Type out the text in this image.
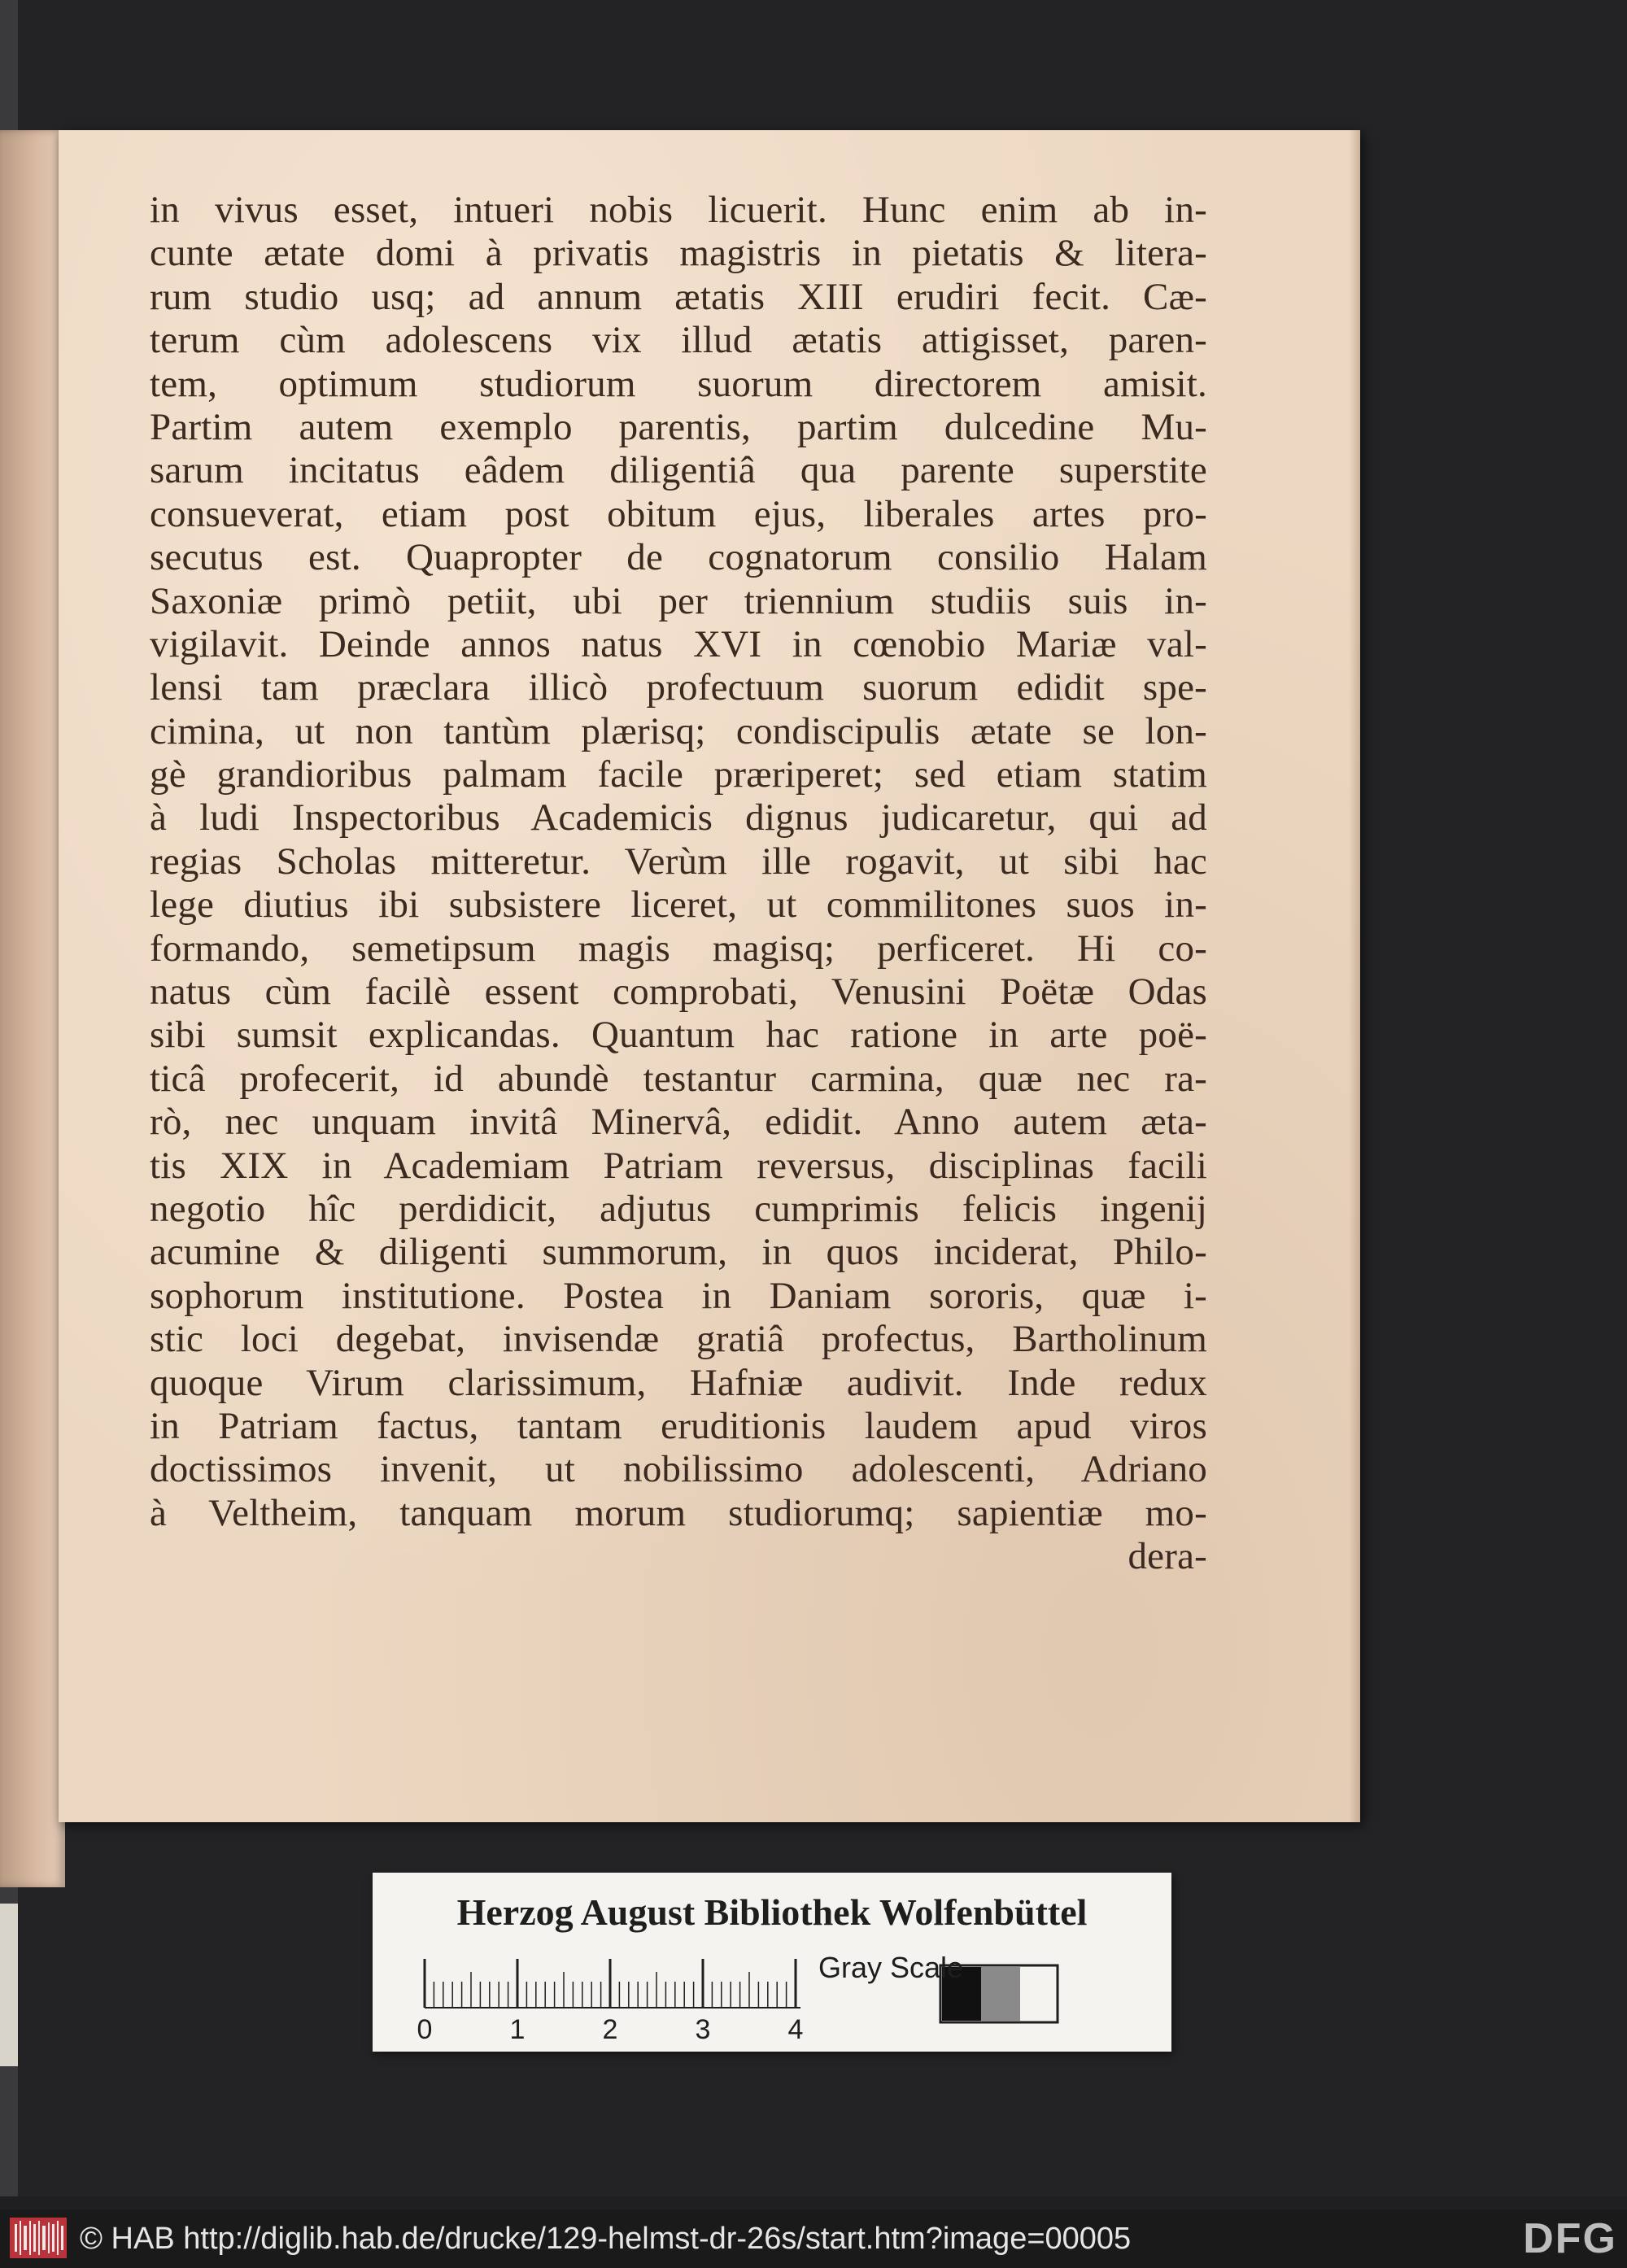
in vivus esset, intueri nobis licuerit. Hunc enim ab in-
cunte ætate domi à privatis magistris in pietatis & litera-
rum studio usq; ad annum ætatis XIII erudiri fecit. Cæ-
terum cùm adolescens vix illud ætatis attigisset, paren-
tem, optimum studiorum suorum directorem amisit.
Partim autem exemplo parentis, partim dulcedine Mu-
sarum incitatus eâdem diligentiâ qua parente superstite
consueverat, etiam post obitum ejus, liberales artes pro-
secutus est. Quapropter de cognatorum consilio Halam
Saxoniæ primò petiit, ubi per triennium studiis suis in-
vigilavit. Deinde annos natus XVI in cœnobio Mariæ val-
lensi tam præclara illicò profectuum suorum edidit spe-
cimina, ut non tantùm plærisq; condiscipulis ætate se lon-
gè grandioribus palmam facile præriperet; sed etiam statim
à ludi Inspectoribus Academicis dignus judicaretur, qui ad
regias Scholas mitteretur. Verùm ille rogavit, ut sibi hac
lege diutius ibi subsistere liceret, ut commilitones suos in-
formando, semetipsum magis magisq; perficeret. Hi co-
natus cùm facilè essent comprobati, Venusini Poëtæ Odas
sibi sumsit explicandas. Quantum hac ratione in arte poë-
ticâ profecerit, id abundè testantur carmina, quæ nec ra-
rò, nec unquam invitâ Minervâ, edidit. Anno autem æta-
tis XIX in Academiam Patriam reversus, disciplinas facili
negotio hîc perdidicit, adjutus cumprimis felicis ingenij
acumine & diligenti summorum, in quos inciderat, Philo-
sophorum institutione. Postea in Daniam sororis, quæ i-
stic loci degebat, invisendæ gratiâ profectus, Bartholinum
quoque Virum clarissimum, Hafniæ audivit. Inde redux
in Patriam factus, tantam eruditionis laudem apud viros
doctissimos invenit, ut nobilissimo adolescenti, Adriano
à Veltheim, tanquam morum studiorumq; sapientiæ mo-
dera-
Herzog August Bibliothek Wolfenbüttel
0	1	2	3	4
Gray Scale
© HAB http://diglib.hab.de/drucke/129-helmst-dr-26s/start.htm?image=00005	DFG
